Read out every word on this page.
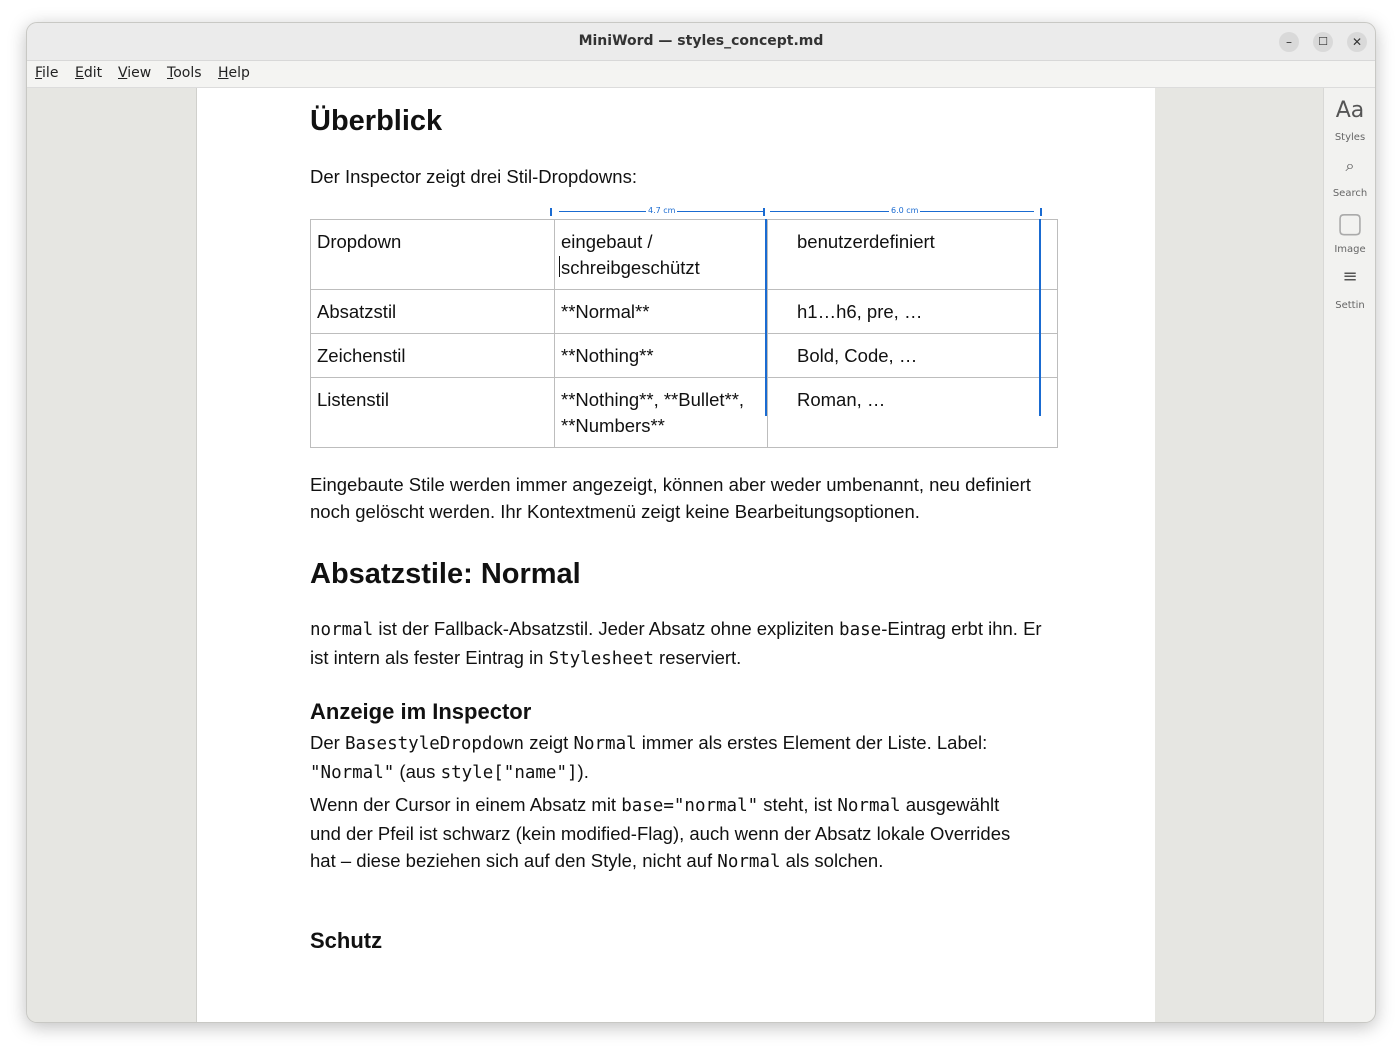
MiniWord — styles_concept.md	–	☐	✕
File Edit View Tools Help
Überblick
Der Inspector zeigt drei Stil-Dropdowns:
4.7 cm	6.0 cm
Dropdown	eingebaut / schreibgeschützt	benutzerdefiniert
Absatzstil	**Normal**	h1…h6, pre, …
Zeichenstil	**Nothing**	Bold, Code, …
Listenstil	**Nothing**, **Bullet**, **Numbers**	Roman, …
Eingebaute Stile werden immer angezeigt, können aber weder umbenannt, neu definiert noch gelöscht werden. Ihr Kontextmenü zeigt keine Bearbeitungsoptionen.
Absatzstile: Normal
normal ist der Fallback-Absatzstil. Jeder Absatz ohne expliziten base-Eintrag erbt ihn. Er ist intern als fester Eintrag in Stylesheet reserviert.
Anzeige im Inspector
Der BasestyleDropdown zeigt Normal immer als erstes Element der Liste. Label: "Normal" (aus style["name"]).
Wenn der Cursor in einem Absatz mit base="normal" steht, ist Normal ausgewählt und der Pfeil ist schwarz (kein modified-Flag), auch wenn der Absatz lokale Overrides hat – diese beziehen sich auf den Style, nicht auf Normal als solchen.
Schutz
Aa
Styles
⌕
Search
▢
Image
≡
Settin
